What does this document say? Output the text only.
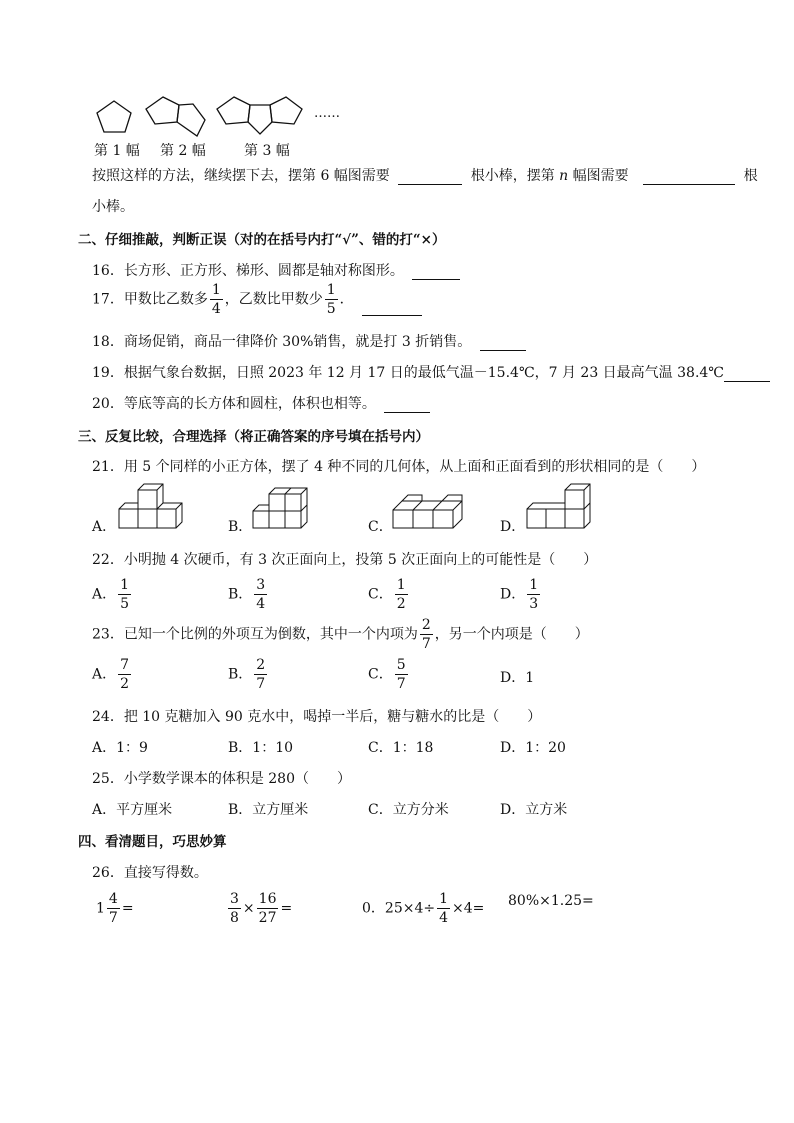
……
第 1 幅 第 2 幅	第 3 幅
按照这样的方法，继续摆下去，摆第 6 幅图需要	根小棒，摆第 n 幅图需要	根
小棒。
二、仔细推敲，判断正误（对的在括号内打“√”、错的打“×）
16．长方形、正方形、梯形、圆都是轴对称图形。
17．甲数比乙数多 $\frac{1}{4}$ ，乙数比甲数少 $\frac{1}{5}$ ．
18．商场促销，商品一律降价 30%销售，就是打 3 折销售。
19．根据气象台数据，日照 2023 年 12 月 17 日的最低气温－15.4℃，7 月 23 日最高气温 38.4℃
20．等底等高的长方体和圆柱，体积也相等。
三、反复比较，合理选择（将正确答案的序号填在括号内）
21．用 5 个同样的小正方体，摆了 4 种不同的几何体，从上面和正面看到的形状相同的是（　　）
A．	B．	C．	D．
22．小明抛 4 次硬币，有 3 次正面向上，投第 5 次正面向上的可能性是（　　）
A． $\frac{1}{5}$	B． $\frac{3}{4}$	C． $\frac{1}{2}$	D． $\frac{1}{3}$
23．已知一个比例的外项互为倒数，其中一个内项为 $\frac{2}{7}$ ，另一个内项是（　　）
A． $\frac{7}{2}$	B． $\frac{2}{7}$	C． $\frac{5}{7}$	D．1
24．把 10 克糖加入 90 克水中，喝掉一半后，糖与糖水的比是（　　）
A．1：9	B．1：10	C．1：18	D．1：20
25．小学数学课本的体积是 280（　　）
A．平方厘米	B．立方厘米	C．立方分米	D．立方米
四、看清题目，巧思妙算
26．直接写得数。
$1 \frac{4}{7}$ =	$\frac{3}{8} \times \frac{16}{27}$ =	0．$25\times 4\div \frac{1}{4} \times 4= 80\%\times 1.25=$
